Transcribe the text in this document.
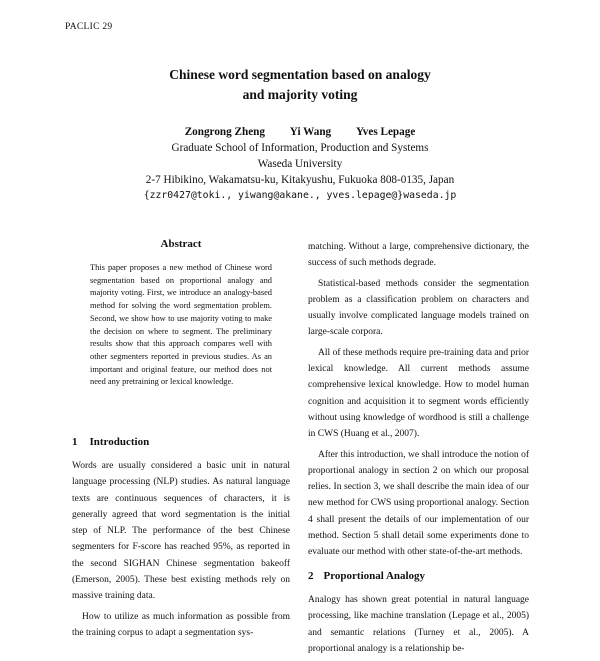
PACLIC 29
Chinese word segmentation based on analogy
and majority voting
Zongrong Zheng Yi Wang Yves Lepage
Graduate School of Information, Production and Systems
Waseda University
2-7 Hibikino, Wakamatsu-ku, Kitakyushu, Fukuoka 808-0135, Japan
{zzr0427@toki., yiwang@akane., yves.lepage@}waseda.jp
Abstract
This paper proposes a new method of Chinese word segmentation based on proportional analogy and majority voting. First, we introduce an analogy-based method for solving the word segmentation problem. Second, we show how to use majority voting to make the decision on where to segment. The preliminary results show that this approach compares well with other segmenters reported in previous studies. As an important and original feature, our method does not need any pretraining or lexical knowledge.
1 Introduction

Words are usually considered a basic unit in natural language processing (NLP) studies. As natural language texts are continuous sequences of characters, it is generally agreed that word segmentation is the initial step of NLP. The performance of the best Chinese segmenters for F-score has reached 95%, as reported in the second SIGHAN Chinese segmentation bakeoff (Emerson, 2005). These best existing methods rely on massive training data.

How to utilize as much information as possible from the training corpus to adapt a segmentation sys-

matching. Without a large, comprehensive dictionary, the success of such methods degrade.

Statistical-based methods consider the segmentation problem as a classification problem on characters and usually involve complicated language models trained on large-scale corpora.

All of these methods require pre-training data and prior lexical knowledge. All current methods assume comprehensive lexical knowledge. How to model human cognition and acquisition it to segment words efficiently without using knowledge of wordhood is still a challenge in CWS (Huang et al., 2007).

After this introduction, we shall introduce the notion of proportional analogy in section 2 on which our proposal relies. In section 3, we shall describe the main idea of our new method for CWS using proportional analogy. Section 4 shall present the details of our implementation of our method. Section 5 shall detail some experiments done to evaluate our method with other state-of-the-art methods.

2 Proportional Analogy

Analogy has shown great potential in natural language processing, like machine translation (Lepage et al., 2005) and semantic relations (Turney et al., 2005). A proportional analogy is a relationship be-
